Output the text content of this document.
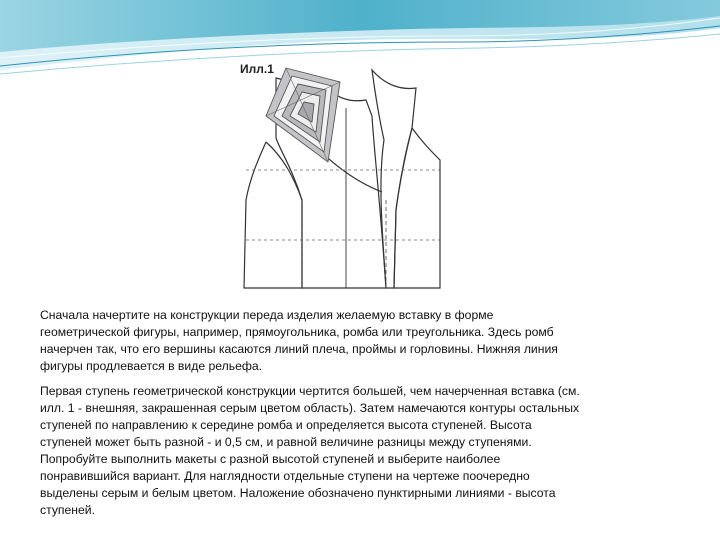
Илл.1
Сначала начертите на конструкции переда изделия желаемую вставку в форме
геометрической фигуры, например, прямоугольника, ромба или треугольника. Здесь ромб
начерчен так, что его вершины касаются линий плеча, проймы и горловины. Нижняя линия
фигуры продлевается в виде рельефа.
Первая ступень геометрической конструкции чертится большей, чем начерченная вставка (см.
илл. 1 - внешняя, закрашенная серым цветом область). Затем намечаются контуры остальных
ступеней по направлению к середине ромба и определяется высота ступеней. Высота
ступеней может быть разной - и 0,5 см, и равной величине разницы между ступенями.
Попробуйте выполнить макеты с разной высотой ступеней и выберите наиболее
понравившийся вариант. Для наглядности отдельные ступени на чертеже поочередно
выделены серым и белым цветом. Наложение обозначено пунктирными линиями - высота
ступеней.
